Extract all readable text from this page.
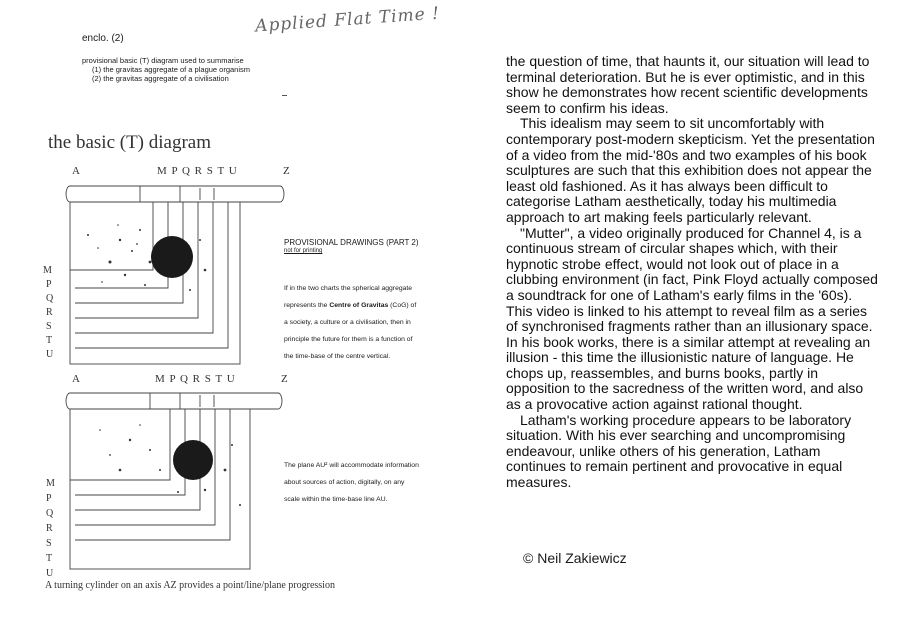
enclo. (2)
Applied Flat Time !
provisional basic (T) diagram used to summarise
(1) the gravitas aggregate of a plague organism
(2) the gravitas aggregate of a civilisation
the basic (T) diagram
A	M P Q R S T U	Z
M
P
Q
R
S
T
U
PROVISIONAL DRAWINGS (PART 2)
not for printing
If in the two charts the spherical aggregate
represents the Centre of Gravitas (CoG) of
a society, a culture or a civilisation, then in
principle the future for them is a function of
the time-base of the centre vertical.
A	M P Q R S T U	Z
M
P
Q
R
S
T
U
The plane AU² will accommodate information
about sources of action, digitally, on any
scale within the time-base line AU.
A turning cylinder on an axis AZ provides a point/line/plane progression

the question of time, that haunts it, our situation will lead to terminal deterioration. But he is ever optimistic, and in this show he demonstrates how recent scientific developments seem to confirm his ideas.

This idealism may seem to sit uncomfortably with contemporary post-modern skepticism. Yet the presentation of a video from the mid-'80s and two examples of his book sculptures are such that this exhibition does not appear the least old fashioned. As it has always been difficult to categorise Latham aesthetically, today his multimedia approach to art making feels particularly relevant.

"Mutter", a video originally produced for Channel 4, is a continuous stream of circular shapes which, with their hypnotic strobe effect, would not look out of place in a clubbing environment (in fact, Pink Floyd actually composed a soundtrack for one of Latham's early films in the '60s). This video is linked to his attempt to reveal film as a series of synchronised fragments rather than an illusionary space. In his book works, there is a similar attempt at revealing an illusion - this time the illusionistic nature of language. He chops up, reassembles, and burns books, partly in opposition to the sacredness of the written word, and also as a provocative action against rational thought.

Latham's working procedure appears to be laboratory situation. With his ever searching and uncompromising endeavour, unlike others of his generation, Latham continues to remain pertinent and provocative in equal measures.

© Neil Zakiewicz
